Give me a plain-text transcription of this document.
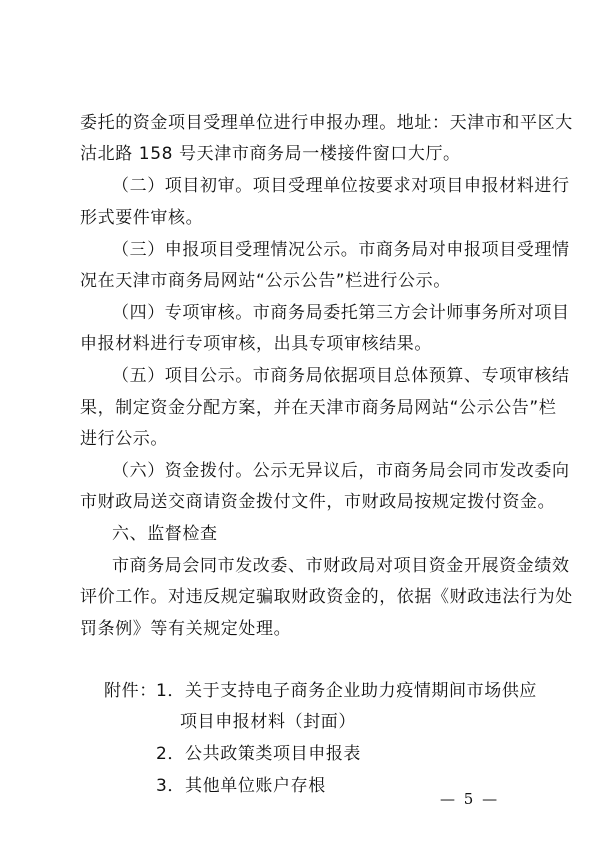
委托的资金项目受理单位进行申报办理。地址：天津市和平区大
沽北路 158 号天津市商务局一楼接件窗口大厅。
（二）项目初审。项目受理单位按要求对项目申报材料进行
形式要件审核。
（三）申报项目受理情况公示。市商务局对申报项目受理情
况在天津市商务局网站“公示公告”栏进行公示。
（四）专项审核。市商务局委托第三方会计师事务所对项目
申报材料进行专项审核，出具专项审核结果。
（五）项目公示。市商务局依据项目总体预算、专项审核结
果，制定资金分配方案，并在天津市商务局网站“公示公告”栏
进行公示。
（六）资金拨付。公示无异议后，市商务局会同市发改委向
市财政局送交商请资金拨付文件，市财政局按规定拨付资金。
六、监督检查
市商务局会同市发改委、市财政局对项目资金开展资金绩效
评价工作。对违反规定骗取财政资金的，依据《财政违法行为处
罚条例》等有关规定处理。
附件： 1．关于支持电子商务企业助力疫情期间市场供应
项目申报材料（封面）
2．公共政策类项目申报表
3．其他单位账户存根
— 5 —
